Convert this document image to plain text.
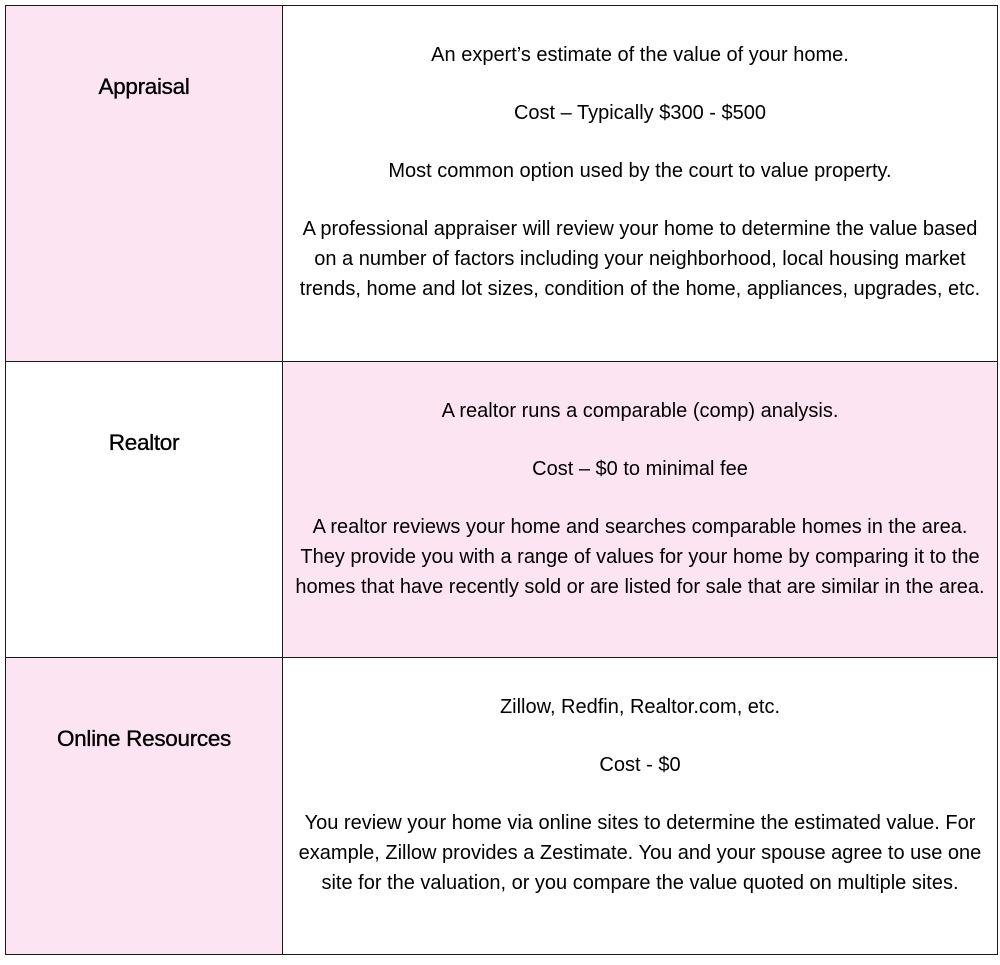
Appraisal	An expert’s estimate of the value of your home.

Cost – Typically $300 - $500

Most common option used by the court to value property.

A professional appraiser will review your home to determine the value based on a number of factors including your neighborhood, local housing market trends, home and lot sizes, condition of the home, appliances, upgrades, etc.

Realtor	A realtor runs a comparable (comp) analysis.

Cost – $0 to minimal fee

A realtor reviews your home and searches comparable homes in the area. They provide you with a range of values for your home by comparing it to the homes that have recently sold or are listed for sale that are similar in the area.

Online Resources	Zillow, Redfin, Realtor.com, etc.

Cost - $0

You review your home via online sites to determine the estimated value. For example, Zillow provides a Zestimate. You and your spouse agree to use one site for the valuation, or you compare the value quoted on multiple sites.
